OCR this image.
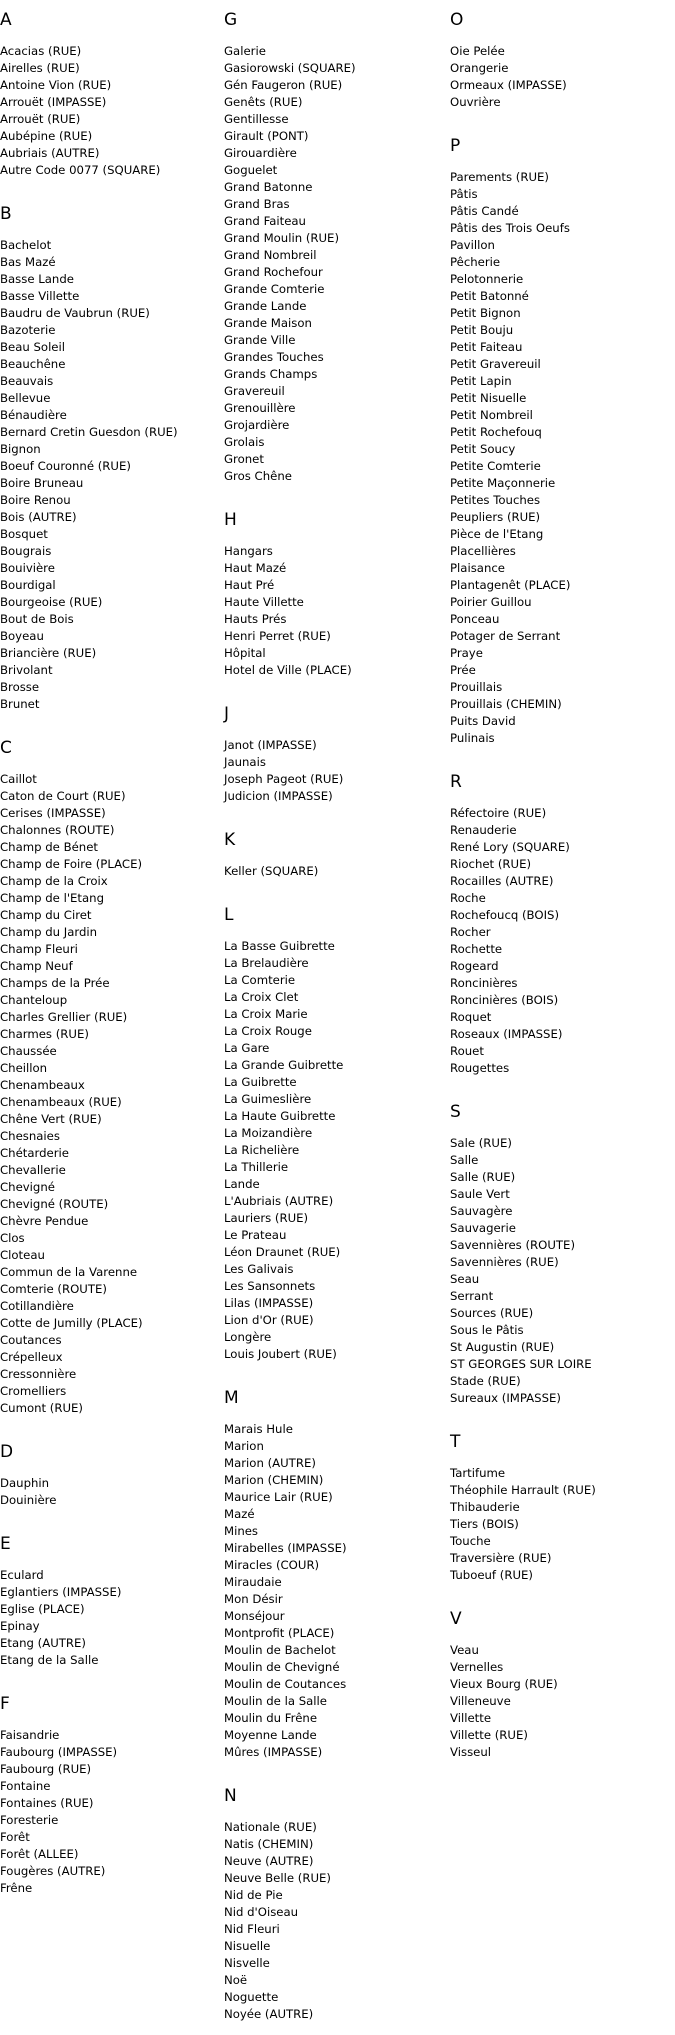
A
Acacias (RUE)
Airelles (RUE)
Antoine Vion (RUE)
Arrouët (IMPASSE)
Arrouët (RUE)
Aubépine (RUE)
Aubriais (AUTRE)
Autre Code 0077 (SQUARE)
B
Bachelot
Bas Mazé
Basse Lande
Basse Villette
Baudru de Vaubrun (RUE)
Bazoterie
Beau Soleil
Beauchêne
Beauvais
Bellevue
Bénaudière
Bernard Cretin Guesdon (RUE)
Bignon
Boeuf Couronné (RUE)
Boire Bruneau
Boire Renou
Bois (AUTRE)
Bosquet
Bougrais
Bouivière
Bourdigal
Bourgeoise (RUE)
Bout de Bois
Boyeau
Briancière (RUE)
Brivolant
Brosse
Brunet
C
Caillot
Caton de Court (RUE)
Cerises (IMPASSE)
Chalonnes (ROUTE)
Champ de Bénet
Champ de Foire (PLACE)
Champ de la Croix
Champ de l'Etang
Champ du Ciret
Champ du Jardin
Champ Fleuri
Champ Neuf
Champs de la Prée
Chanteloup
Charles Grellier (RUE)
Charmes (RUE)
Chaussée
Cheillon
Chenambeaux
Chenambeaux (RUE)
Chêne Vert (RUE)
Chesnaies
Chétarderie
Chevallerie
Chevigné
Chevigné (ROUTE)
Chèvre Pendue
Clos
Cloteau
Commun de la Varenne
Comterie (ROUTE)
Cotillandière
Cotte de Jumilly (PLACE)
Coutances
Crépelleux
Cressonnière
Cromelliers
Cumont (RUE)
D
Dauphin
Douinière
E
Eculard
Eglantiers (IMPASSE)
Eglise (PLACE)
Epinay
Etang (AUTRE)
Etang de la Salle
F
Faisandrie
Faubourg (IMPASSE)
Faubourg (RUE)
Fontaine
Fontaines (RUE)
Foresterie
Forêt
Forêt (ALLEE)
Fougères (AUTRE)
Frêne
G
Galerie
Gasiorowski (SQUARE)
Gén Faugeron (RUE)
Genêts (RUE)
Gentillesse
Girault (PONT)
Girouardière
Goguelet
Grand Batonne
Grand Bras
Grand Faiteau
Grand Moulin (RUE)
Grand Nombreil
Grand Rochefour
Grande Comterie
Grande Lande
Grande Maison
Grande Ville
Grandes Touches
Grands Champs
Gravereuil
Grenouillère
Grojardière
Grolais
Gronet
Gros Chêne
H
Hangars
Haut Mazé
Haut Pré
Haute Villette
Hauts Prés
Henri Perret (RUE)
Hôpital
Hotel de Ville (PLACE)
J
Janot (IMPASSE)
Jaunais
Joseph Pageot (RUE)
Judicion (IMPASSE)
K
Keller (SQUARE)
L
La Basse Guibrette
La Brelaudière
La Comterie
La Croix Clet
La Croix Marie
La Croix Rouge
La Gare
La Grande Guibrette
La Guibrette
La Guimeslière
La Haute Guibrette
La Moizandière
La Richelière
La Thillerie
Lande
L'Aubriais (AUTRE)
Lauriers (RUE)
Le Prateau
Léon Draunet (RUE)
Les Galivais
Les Sansonnets
Lilas (IMPASSE)
Lion d'Or (RUE)
Longère
Louis Joubert (RUE)
M
Marais Hule
Marion
Marion (AUTRE)
Marion (CHEMIN)
Maurice Lair (RUE)
Mazé
Mines
Mirabelles (IMPASSE)
Miracles (COUR)
Miraudaie
Mon Désir
Monséjour
Montprofit (PLACE)
Moulin de Bachelot
Moulin de Chevigné
Moulin de Coutances
Moulin de la Salle
Moulin du Frêne
Moyenne Lande
Mûres (IMPASSE)
N
Nationale (RUE)
Natis (CHEMIN)
Neuve (AUTRE)
Neuve Belle (RUE)
Nid de Pie
Nid d'Oiseau
Nid Fleuri
Nisuelle
Nisvelle
Noë
Noguette
Noyée (AUTRE)
O
Oie Pelée
Orangerie
Ormeaux (IMPASSE)
Ouvrière
P
Parements (RUE)
Pâtis
Pâtis Candé
Pâtis des Trois Oeufs
Pavillon
Pêcherie
Pelotonnerie
Petit Batonné
Petit Bignon
Petit Bouju
Petit Faiteau
Petit Gravereuil
Petit Lapin
Petit Nisuelle
Petit Nombreil
Petit Rochefouq
Petit Soucy
Petite Comterie
Petite Maçonnerie
Petites Touches
Peupliers (RUE)
Pièce de l'Etang
Placellières
Plaisance
Plantagenêt (PLACE)
Poirier Guillou
Ponceau
Potager de Serrant
Praye
Prée
Prouillais
Prouillais (CHEMIN)
Puits David
Pulinais
R
Réfectoire (RUE)
Renauderie
René Lory (SQUARE)
Riochet (RUE)
Rocailles (AUTRE)
Roche
Rochefoucq (BOIS)
Rocher
Rochette
Rogeard
Roncinières
Roncinières (BOIS)
Roquet
Roseaux (IMPASSE)
Rouet
Rougettes
S
Sale (RUE)
Salle
Salle (RUE)
Saule Vert
Sauvagère
Sauvagerie
Savennières (ROUTE)
Savennières (RUE)
Seau
Serrant
Sources (RUE)
Sous le Pâtis
St Augustin (RUE)
ST GEORGES SUR LOIRE
Stade (RUE)
Sureaux (IMPASSE)
T
Tartifume
Théophile Harrault (RUE)
Thibauderie
Tiers (BOIS)
Touche
Traversière (RUE)
Tuboeuf (RUE)
V
Veau
Vernelles
Vieux Bourg (RUE)
Villeneuve
Villette
Villette (RUE)
Visseul
